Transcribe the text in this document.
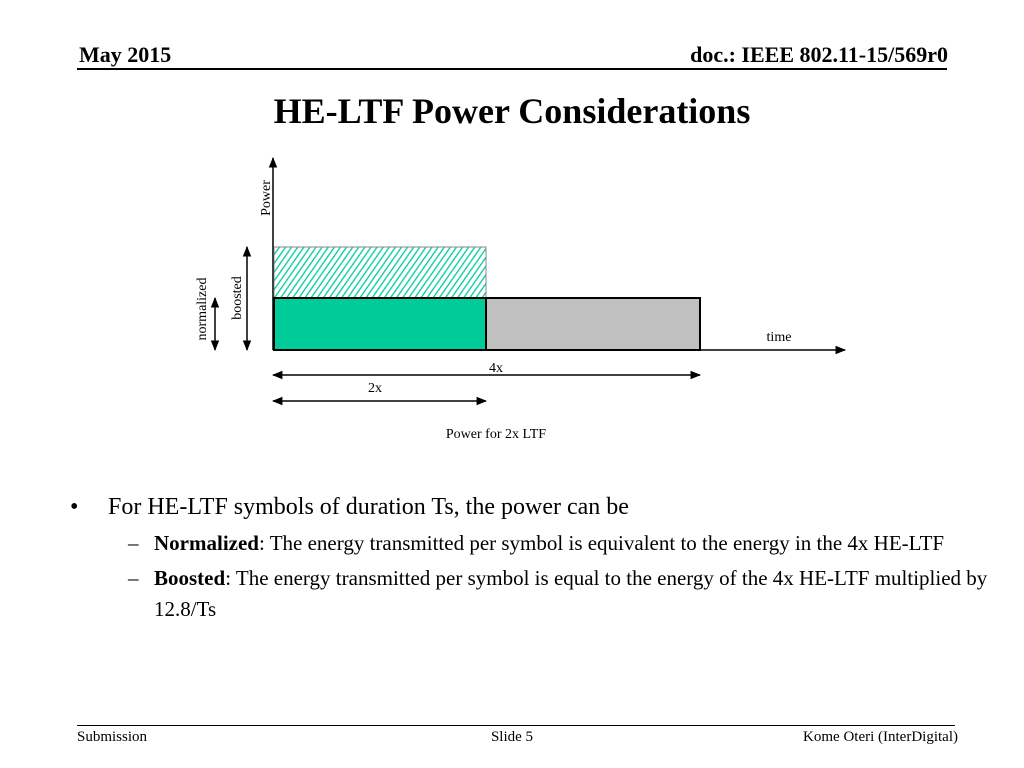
May 2015	doc.: IEEE 802.11-15/569r0
HE-LTF Power Considerations
Power
normalized boosted
time
4x
2x
Power for 2x LTF
• For HE-LTF symbols of duration Ts, the power can be
– Normalized: The energy transmitted per symbol is equivalent to the energy in the 4x HE-LTF
– Boosted: The energy transmitted per symbol is equal to the energy of the 4x HE-LTF multiplied by 12.8/Ts
Submission	Slide 5	Kome Oteri (InterDigital)
